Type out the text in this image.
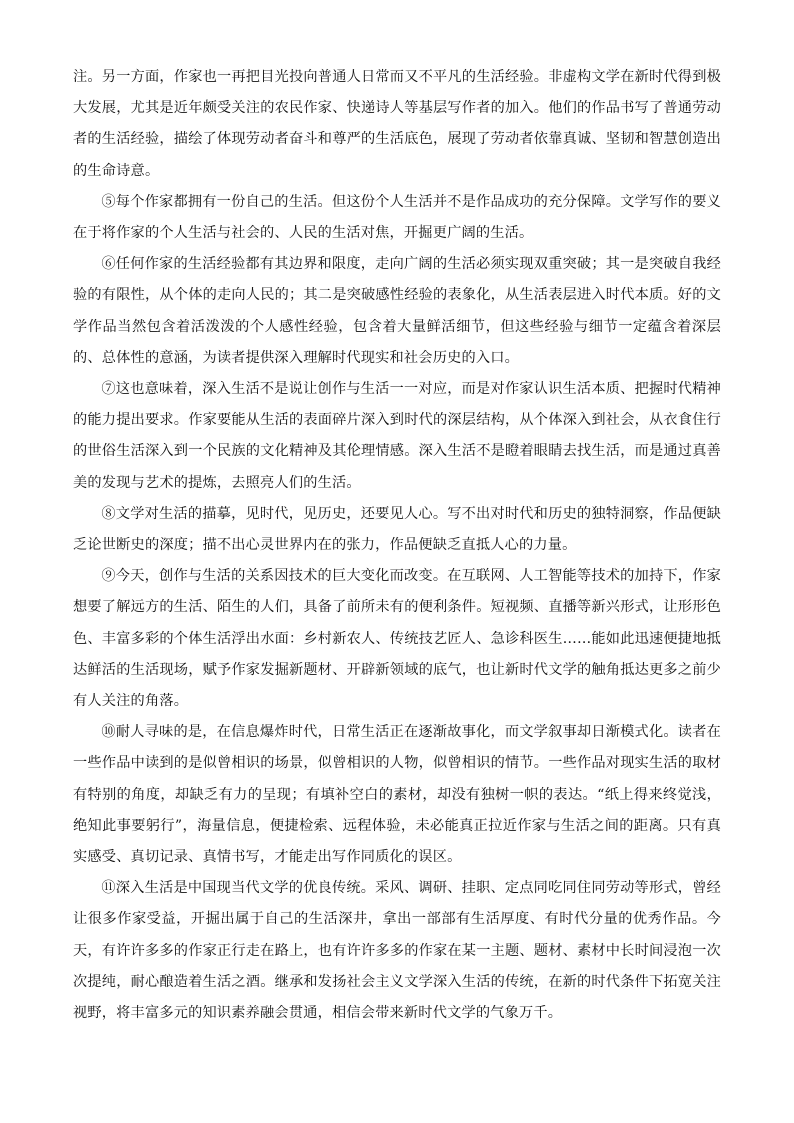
注。另一方面，作家也一再把目光投向普通人日常而又不平凡的生活经验。非虚构文学在新时代得到极大发展，尤其是近年颇受关注的农民作家、快递诗人等基层写作者的加入。他们的作品书写了普通劳动者的生活经验，描绘了体现劳动者奋斗和尊严的生活底色，展现了劳动者依靠真诚、坚韧和智慧创造出的生命诗意。

⑤每个作家都拥有一份自己的生活。但这份个人生活并不是作品成功的充分保障。文学写作的要义在于将作家的个人生活与社会的、人民的生活对焦，开掘更广阔的生活。

⑥任何作家的生活经验都有其边界和限度，走向广阔的生活必须实现双重突破；其一是突破自我经验的有限性，从个体的走向人民的；其二是突破感性经验的表象化，从生活表层进入时代本质。好的文学作品当然包含着活泼泼的个人感性经验，包含着大量鲜活细节，但这些经验与细节一定蕴含着深层的、总体性的意涵，为读者提供深入理解时代现实和社会历史的入口。

⑦这也意味着，深入生活不是说让创作与生活一一对应，而是对作家认识生活本质、把握时代精神的能力提出要求。作家要能从生活的表面碎片深入到时代的深层结构，从个体深入到社会，从衣食住行的世俗生活深入到一个民族的文化精神及其伦理情感。深入生活不是瞪着眼睛去找生活，而是通过真善美的发现与艺术的提炼，去照亮人们的生活。

⑧文学对生活的描摹，见时代，见历史，还要见人心。写不出对时代和历史的独特洞察，作品便缺乏论世断史的深度；描不出心灵世界内在的张力，作品便缺乏直抵人心的力量。

⑨今天，创作与生活的关系因技术的巨大变化而改变。在互联网、人工智能等技术的加持下，作家想要了解远方的生活、陌生的人们，具备了前所未有的便利条件。短视频、直播等新兴形式，让形形色色、丰富多彩的个体生活浮出水面：乡村新农人、传统技艺匠人、急诊科医生……能如此迅速便捷地抵达鲜活的生活现场，赋予作家发掘新题材、开辟新领域的底气，也让新时代文学的触角抵达更多之前少有人关注的角落。

⑩耐人寻味的是，在信息爆炸时代，日常生活正在逐渐故事化，而文学叙事却日渐模式化。读者在一些作品中读到的是似曾相识的场景，似曾相识的人物，似曾相识的情节。一些作品对现实生活的取材有特别的角度，却缺乏有力的呈现；有填补空白的素材，却没有独树一帜的表达。“纸上得来终觉浅，绝知此事要躬行”，海量信息，便捷检索、远程体验，未必能真正拉近作家与生活之间的距离。只有真实感受、真切记录、真情书写，才能走出写作同质化的误区。

⑪深入生活是中国现当代文学的优良传统。采风、调研、挂职、定点同吃同住同劳动等形式，曾经让很多作家受益，开掘出属于自己的生活深井，拿出一部部有生活厚度、有时代分量的优秀作品。今天，有许许多多的作家正行走在路上，也有许许多多的作家在某一主题、题材、素材中长时间浸泡一次次提纯，耐心酿造着生活之酒。继承和发扬社会主义文学深入生活的传统，在新的时代条件下拓宽关注视野，将丰富多元的知识素养融会贯通，相信会带来新时代文学的气象万千。
